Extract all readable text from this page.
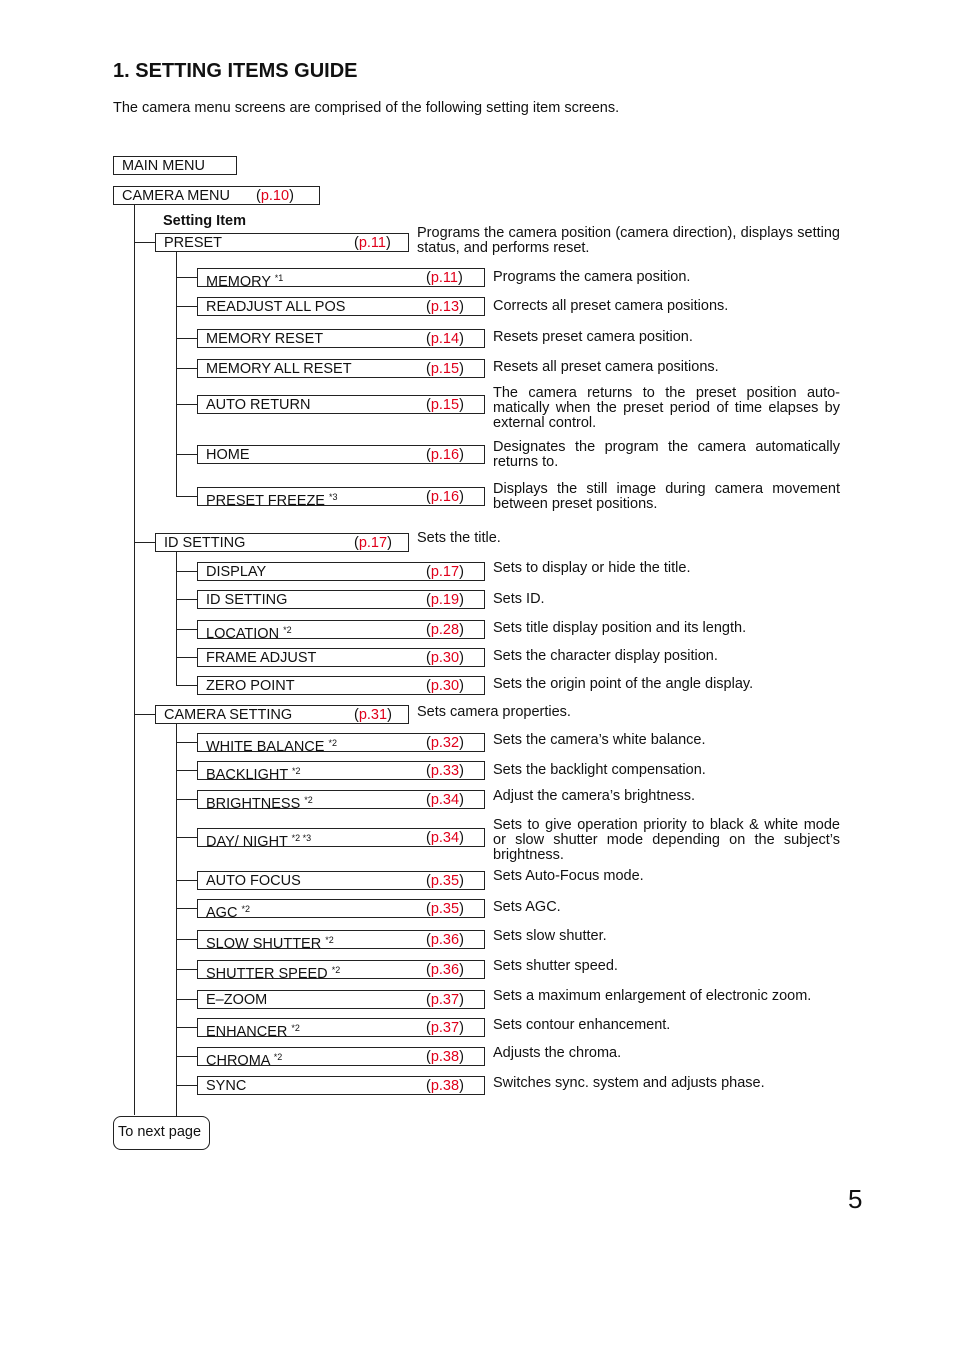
1. SETTING ITEMS GUIDE
The camera menu screens are comprised of the following setting item screens.
MAIN MENU
CAMERA MENU (p.10)
Setting Item
PRESET	(p.11)
Programs the camera position (camera direction), displays setting status, and performs reset.
MEMORY $^{*1}$	(p.11) Programs the camera position.
READJUST ALL POS	(p.13) Corrects all preset camera positions.
MEMORY RESET	(p.14) Resets preset camera position.
MEMORY ALL RESET	(p.15) Resets all preset camera positions.
AUTO RETURN	(p.15)
The camera returns to the preset position auto-matically when the preset period of time elapses by external control.
HOME	(p.16) Designates the program the camera automatically returns to.
PRESET FREEZE $^{*3}$	(p.16) Displays the still image during camera movement between preset positions.
ID SETTING	(p.17) Sets the title.
DISPLAY	(p.17) Sets to display or hide the title.
ID SETTING	(p.19) Sets ID.
LOCATION $^{*2}$	(p.28) Sets title display position and its length.
FRAME ADJUST	(p.30) Sets the character display position.
ZERO POINT	(p.30) Sets the origin point of the angle display.
CAMERA SETTING	(p.31) Sets camera properties.
WHITE BALANCE $^{*2}$	(p.32) Sets the camera’s white balance.
BACKLIGHT $^{*2}$	(p.33) Sets the backlight compensation.
BRIGHTNESS $^{*2}$	(p.34) Adjust the camera’s brightness.
DAY/ NIGHT $^{*2 *3}$	(p.34)
Sets to give operation priority to black & white mode or slow shutter mode depending on the subject’s brightness.
AUTO FOCUS	(p.35) Sets Auto-Focus mode.
AGC $^{*2}$	(p.35) Sets AGC.
SLOW SHUTTER $^{*2}$	(p.36) Sets slow shutter.
SHUTTER SPEED $^{*2}$	(p.36) Sets shutter speed.
E–ZOOM	(p.37) Sets a maximum enlargement of electronic zoom.
ENHANCER $^{*2}$	(p.37) Sets contour enhancement.
CHROMA $^{*2}$	(p.38) Adjusts the chroma.
SYNC	(p.38) Switches sync. system and adjusts phase.
To next page
5
